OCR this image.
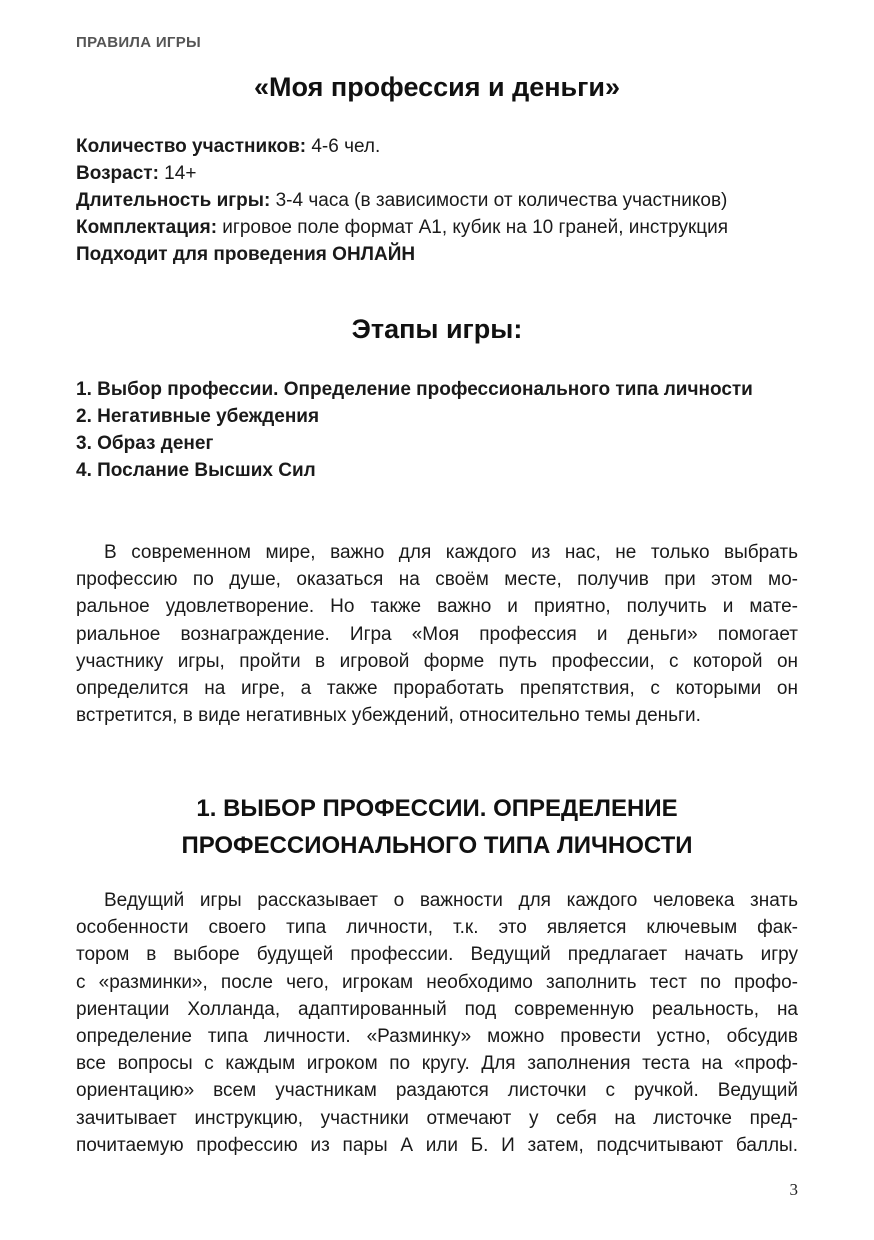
ПРАВИЛА ИГРЫ
«Моя профессия и деньги»
Количество участников: 4-6 чел.
Возраст: 14+
Длительность игры: 3-4 часа (в зависимости от количества участников)
Комплектация: игровое поле формат А1, кубик на 10 граней, инструкция
Подходит для проведения ОНЛАЙН
Этапы игры:
1. Выбор профессии. Определение профессионального типа личности
2. Негативные убеждения
3. Образ денег
4. Послание Высших Сил
В современном мире, важно для каждого из нас, не только выбрать
профессию по душе, оказаться на своём месте, получив при этом мо-
ральное удовлетворение. Но также важно и приятно, получить и мате-
риальное вознаграждение. Игра «Моя профессия и деньги» помогает
участнику игры, пройти в игровой форме путь профессии, с которой он
определится на игре, а также проработать препятствия, с которыми он
встретится, в виде негативных убеждений, относительно темы деньги.
1. ВЫБОР ПРОФЕССИИ. ОПРЕДЕЛЕНИЕ
ПРОФЕССИОНАЛЬНОГО ТИПА ЛИЧНОСТИ
Ведущий игры рассказывает о важности для каждого человека знать
особенности своего типа личности, т.к. это является ключевым фак-
тором в выборе будущей профессии. Ведущий предлагает начать игру
с «разминки», после чего, игрокам необходимо заполнить тест по профо-
риентации Холланда, адаптированный под современную реальность, на
определение типа личности. «Разминку» можно провести устно, обсудив
все вопросы с каждым игроком по кругу. Для заполнения теста на «проф-
ориентацию» всем участникам раздаются листочки с ручкой. Ведущий
зачитывает инструкцию, участники отмечают у себя на листочке пред-
почитаемую профессию из пары А или Б. И затем, подсчитывают баллы.
3
